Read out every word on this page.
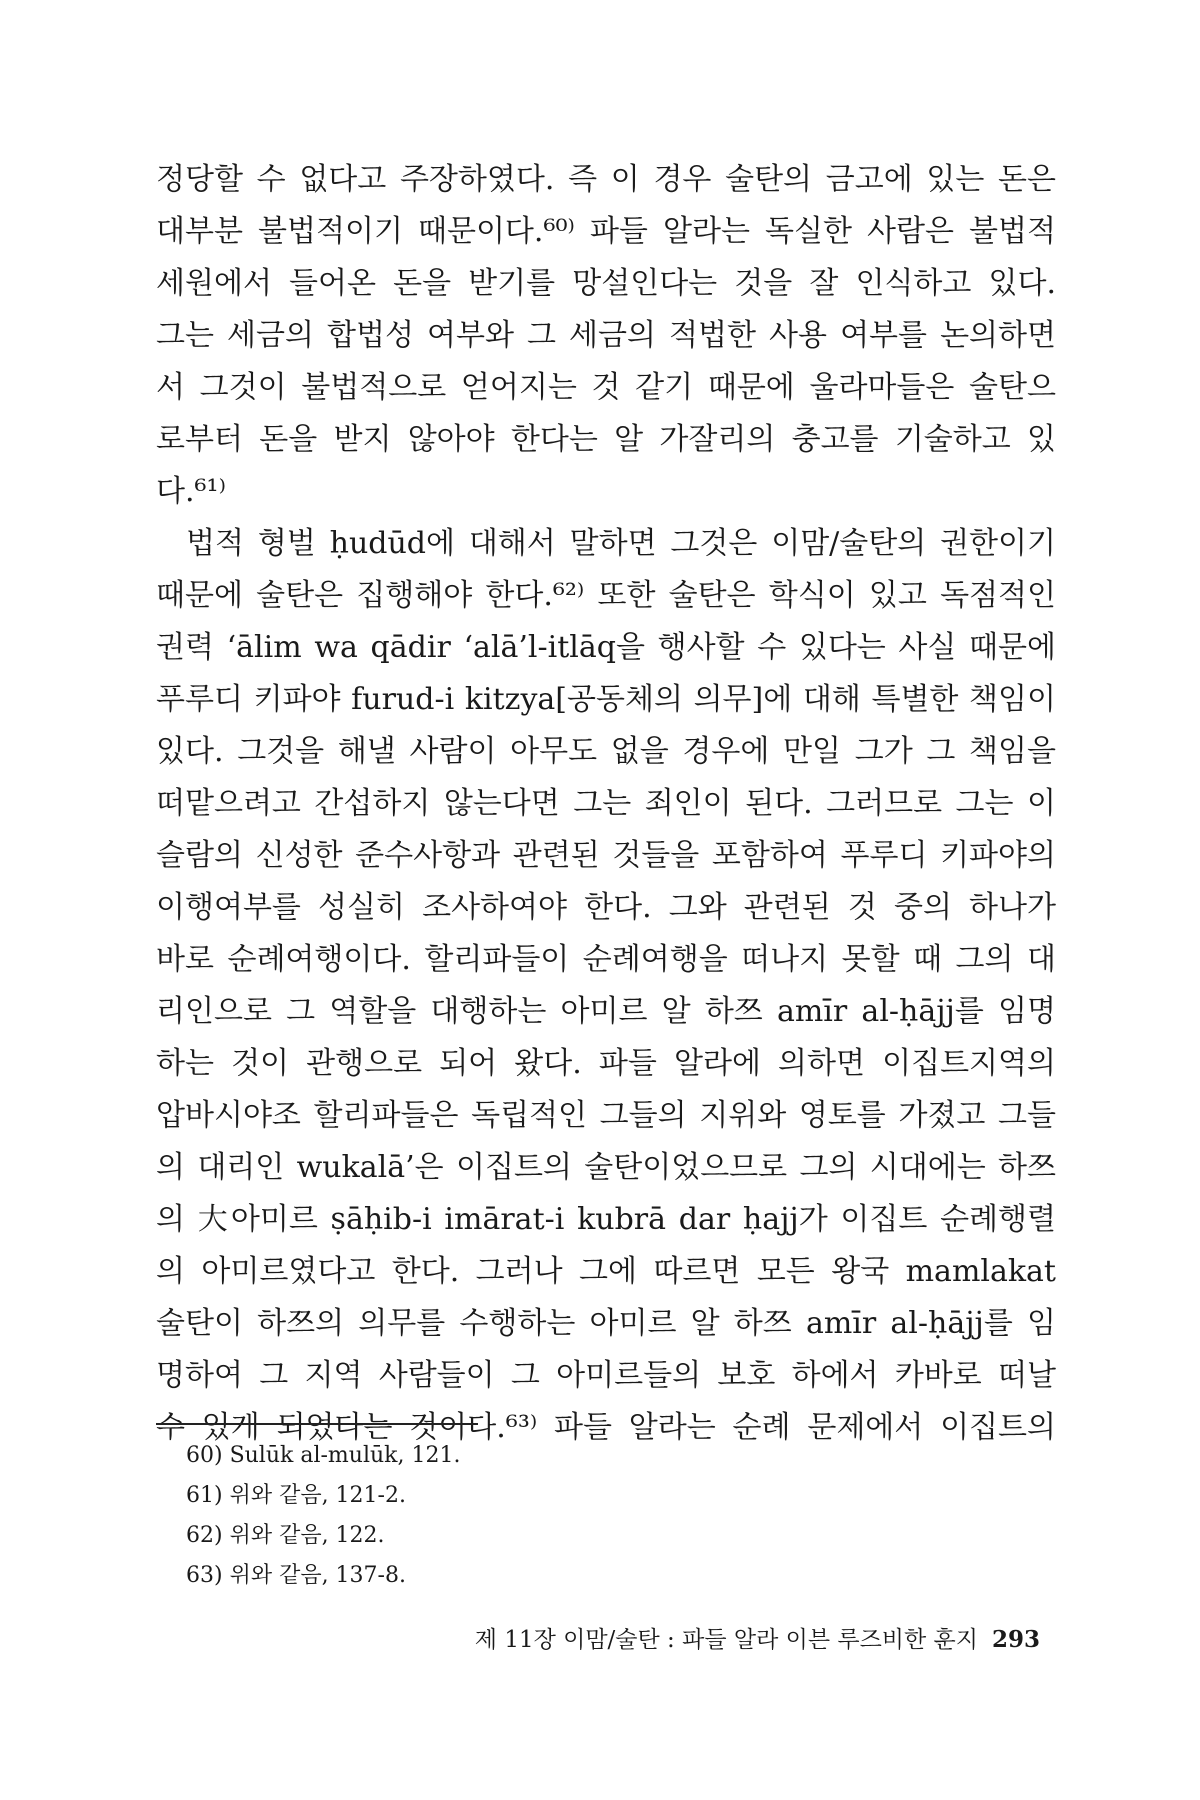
정당할 수 없다고 주장하였다. 즉 이 경우 술탄의 금고에 있는 돈은
대부분 불법적이기 때문이다.⁶⁰⁾ 파들 알라는 독실한 사람은 불법적
세원에서 들어온 돈을 받기를 망설인다는 것을 잘 인식하고 있다.
그는 세금의 합법성 여부와 그 세금의 적법한 사용 여부를 논의하면
서 그것이 불법적으로 얻어지는 것 같기 때문에 울라마들은 술탄으
로부터 돈을 받지 않아야 한다는 알 가잘리의 충고를 기술하고 있
다.⁶¹⁾
법적 형벌 ḥudūd에 대해서 말하면 그것은 이맘/술탄의 권한이기
때문에 술탄은 집행해야 한다.⁶²⁾ 또한 술탄은 학식이 있고 독점적인
권력 ‘ālim wa qādir ‘alā’l-itlāq을 행사할 수 있다는 사실 때문에
푸루디 키파야 furud-i kitzya[공동체의 의무]에 대해 특별한 책임이
있다. 그것을 해낼 사람이 아무도 없을 경우에 만일 그가 그 책임을
떠맡으려고 간섭하지 않는다면 그는 죄인이 된다. 그러므로 그는 이
슬람의 신성한 준수사항과 관련된 것들을 포함하여 푸루디 키파야의
이행여부를 성실히 조사하여야 한다. 그와 관련된 것 중의 하나가
바로 순례여행이다. 할리파들이 순례여행을 떠나지 못할 때 그의 대
리인으로 그 역할을 대행하는 아미르 알 하쯔 amīr al-ḥājj를 임명
하는 것이 관행으로 되어 왔다. 파들 알라에 의하면 이집트지역의
압바시야조 할리파들은 독립적인 그들의 지위와 영토를 가졌고 그들
의 대리인 wukalā’은 이집트의 술탄이었으므로 그의 시대에는 하쯔
의 大아미르 ṣāḥib-i imārat-i kubrā dar ḥajj가 이집트 순례행렬
의 아미르였다고 한다. 그러나 그에 따르면 모든 왕국 mamlakat
술탄이 하쯔의 의무를 수행하는 아미르 알 하쯔 amīr al-ḥājj를 임
명하여 그 지역 사람들이 그 아미르들의 보호 하에서 카바로 떠날
수 있게 되었다는 것이다.⁶³⁾ 파들 알라는 순례 문제에서 이집트의
60) Sulūk al-mulūk, 121.
61) 위와 같음, 121-2.
62) 위와 같음, 122.
63) 위와 같음, 137-8.
제 11장 이맘/술탄 : 파들 알라 이븐 루즈비한 훈지 293
